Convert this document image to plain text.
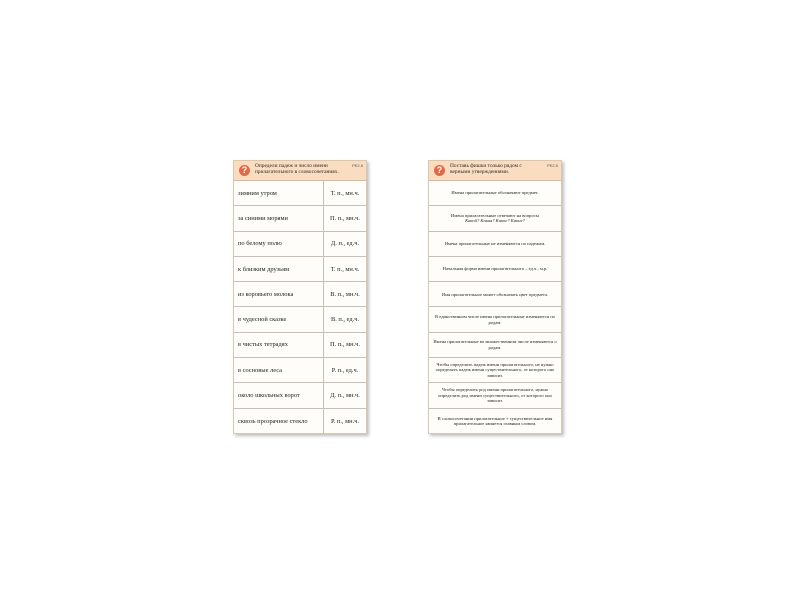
?	Определи падеж и число имени прилагательного в словосочетаниях.
РЕ2.5
зимним утром	Т. п., мн.ч.
за синими морями	П. п., мн.ч.
по белому полю	Д. п., ед.ч.
к близким друзьям	Т. п., мн.ч.
из коровьего молока	В. п., мн.ч.
в чудесной сказке	В. п., ед.ч.
в чистых тетрадях	П. п., мн.ч.
в сосновые леса	Р. п., ед.ч.
около школьных ворот	Д. п., мн.ч.
сквозь прозрачное стекло	Р. п., мн.ч.
?	Поставь фишки только рядом с верными утверждениями.
РЕ2.6
Имена прилагательные обозначают предмет.
Имена прилагательные отвечают на вопросы
Какой? Какая? Какое? Какие?
Имена прилагательные не изменяются по падежам.
Начальная форма имени прилагательного – ед.ч., м.р.
Имя прилагательное может обозначать цвет предмета.
В единственном числе имена прилагательные изменяются по родам.
Имена прилагательные во множественном числе изменяются о родам.
Чтобы определить падеж имени прилагательного, не нужно определять падеж имени существительного, от которого оно зависит.
Чтобы определить род имени прилагательного, нужно определить род имени существительного, от которого оно зависит.
В словосочетании прилагательное + существительное имя прилагательное является главным словом.
